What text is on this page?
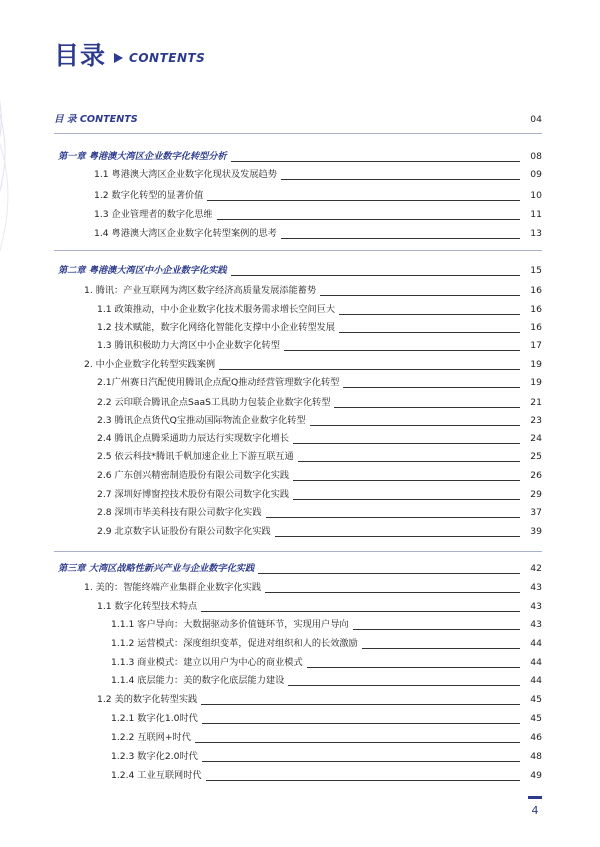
目录 CONTENTS
目 录 CONTENTS	04
第一章 粤港澳大湾区企业数字化转型分析	08
1.1 粤港澳大湾区企业数字化现状及发展趋势	09
1.2 数字化转型的显著价值	10
1.3 企业管理者的数字化思维	11
1.4 粤港澳大湾区企业数字化转型案例的思考	13
第二章 粤港澳大湾区中小企业数字化实践	15
1. 腾讯：产业互联网为湾区数字经济高质量发展添能蓄势	16
1.1 政策推动，中小企业数字化技术服务需求增长空间巨大	16
1.2 技术赋能，数字化网络化智能化支撑中小企业转型发展	16
1.3 腾讯积极助力大湾区中小企业数字化转型	17
2. 中小企业数字化转型实践案例	19
2.1广州赛日汽配使用腾讯企点配Q推动经营管理数字化转型	19
2.2 云印联合腾讯企点SaaS工具助力包装企业数字化转型	21
2.3 腾讯企点货代Q宝推动国际物流企业数字化转型	23
2.4 腾讯企点腾采通助力辰达行实现数字化增长	24
2.5 依云科技*腾讯千帆加速企业上下游互联互通	25
2.6 广东创兴精密制造股份有限公司数字化实践	26
2.7 深圳好博窗控技术股份有限公司数字化实践	29
2.8 深圳市毕美科技有限公司数字化实践	37
2.9 北京数字认证股份有限公司数字化实践	39
第三章 大湾区战略性新兴产业与企业数字化实践	42
1. 美的：智能终端产业集群企业数字化实践	43
1.1 数字化转型技术特点	43
1.1.1 客户导向：大数据驱动多价值链环节，实现用户导向	43
1.1.2 运营模式：深度组织变革，促进对组织和人的长效激励	44
1.1.3 商业模式：建立以用户为中心的商业模式	44
1.1.4 底层能力：美的数字化底层能力建设	44
1.2 美的数字化转型实践	45
1.2.1 数字化1.0时代	45
1.2.2 互联网+时代	46
1.2.3 数字化2.0时代	48
1.2.4 工业互联网时代	49
4
